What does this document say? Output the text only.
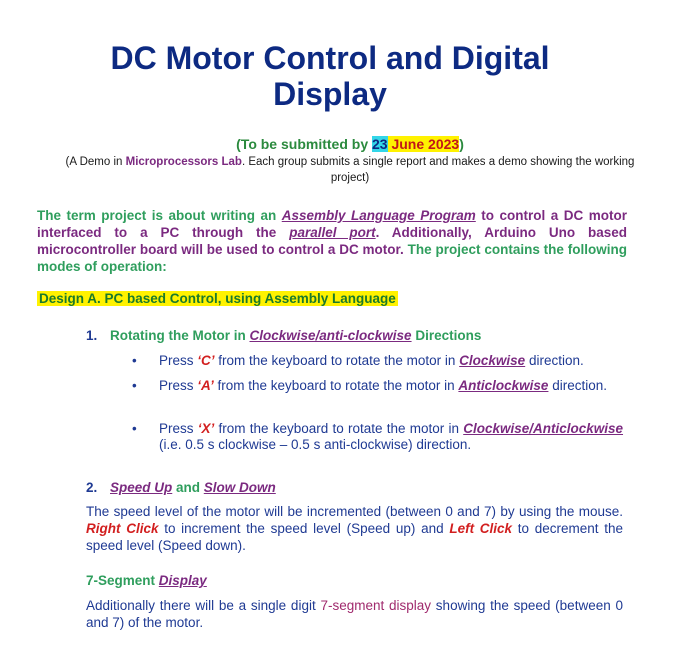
DC Motor Control and Digital Display
(To be submitted by 23 June 2023)
(A Demo in Microprocessors Lab. Each group submits a single report and makes a demo showing the working project)
The term project is about writing an Assembly Language Program to control a DC motor interfaced to a PC through the parallel port. Additionally, Arduino Uno based microcontroller board will be used to control a DC motor. The project contains the following modes of operation:
Design A. PC based Control, using Assembly Language
1. Rotating the Motor in Clockwise/anti-clockwise Directions
• Press ‘C’ from the keyboard to rotate the motor in Clockwise direction.
• Press ‘A’ from the keyboard to rotate the motor in Anticlockwise direction.
• Press ‘X’ from the keyboard to rotate the motor in Clockwise/Anticlockwise (i.e. 0.5 s clockwise – 0.5 s anti-clockwise) direction.
2. Speed Up and Slow Down
The speed level of the motor will be incremented (between 0 and 7) by using the mouse. Right Click to increment the speed level (Speed up) and Left Click to decrement the speed level (Speed down).
7-Segment Display
Additionally there will be a single digit 7-segment display showing the speed (between 0 and 7) of the motor.
